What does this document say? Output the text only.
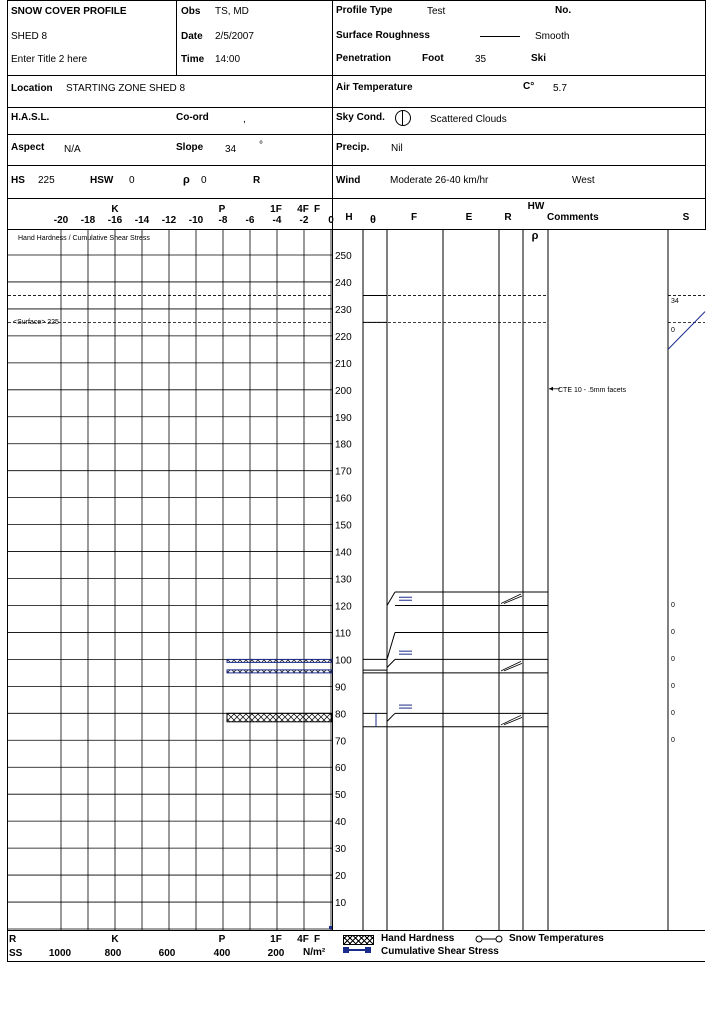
SNOW COVER PROFILE
SHED 8
Enter Title 2 here
Obs TS, MD
Date 2/5/2007
Time 14:00
Profile Type	Test	No.
Surface Roughness	Smooth
Penetration	Foot	35	Ski
Location STARTING ZONE SHED 8	Air Temperature	C° 5.7
H.A.S.L.	Co-ord	,	Sky Cond.	Scattered Clouds
Aspect N/A	Slope 34 °	Precip. Nil
HS 225	HSW 0	ρ 0	R	Wind	Moderate 26-40 km/hr	West
K	P	1F 4F F
-20 -18 -16 -14 -12 -10 -8 -6 -4 -2 0
Hand Hardness / Cumulative Shear Stress
<Surface> 225
H θ	F	E	R
HW
ρ
Comments	S
250
240
230
220
210
200
190
180
170
160
150
140
130
120
110
100
90
80
70
60
50
40
30
20
10
CTE 10 - .5mm facets
34
0
0
0
0
0
0
0
R	K	P	1F 4F F
SS	1000	800	600	400	200 N/m²
Hand Hardness	Snow Temperatures
Cumulative Shear Stress
